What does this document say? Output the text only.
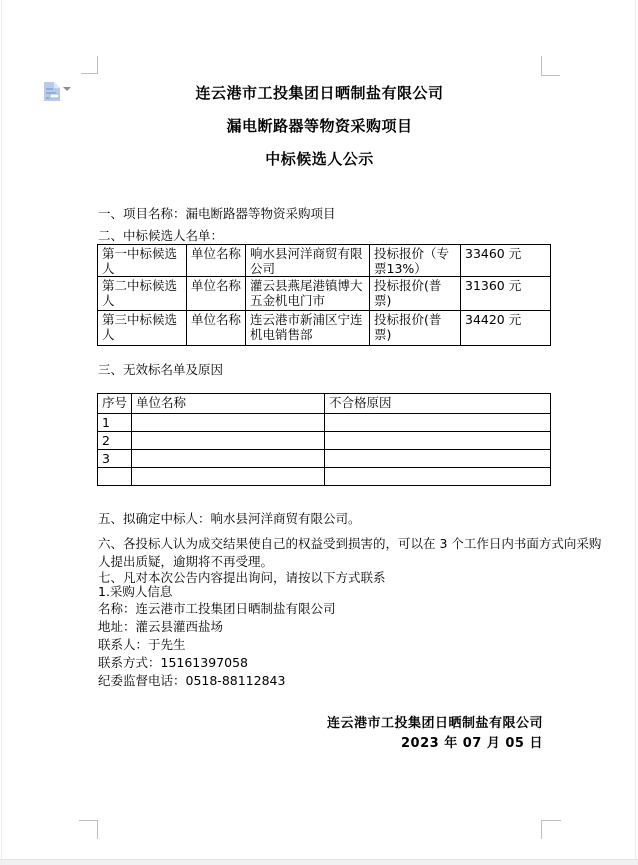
连云港市工投集团日晒制盐有限公司
漏电断路器等物资采购项目
中标候选人公示
一、项目名称：漏电断路器等物资采购项目
二、中标候选人名单：
第一中标候选人	单位名称	响水县河洋商贸有限公司	投标报价（专票13%）	33460 元
第二中标候选人	单位名称	灌云县燕尾港镇博大五金机电门市	投标报价(普票)	31360 元
第三中标候选人	单位名称	连云港市新浦区宁连机电销售部	投标报价(普票)	34420 元
三、无效标名单及原因
序号	单位名称	不合格原因
1		
2		
3		

五、拟确定中标人：响水县河洋商贸有限公司。
六、各投标人认为成交结果使自己的权益受到损害的，可以在 3 个工作日内书面方式向采购
人提出质疑，逾期将不再受理。
七、凡对本次公告内容提出询问，请按以下方式联系
1.采购人信息
名称：连云港市工投集团日晒制盐有限公司
地址：灌云县灌西盐场
联系人：于先生
联系方式：15161397058
纪委监督电话：0518-88112843
连云港市工投集团日晒制盐有限公司
2023 年 07 月 05 日
